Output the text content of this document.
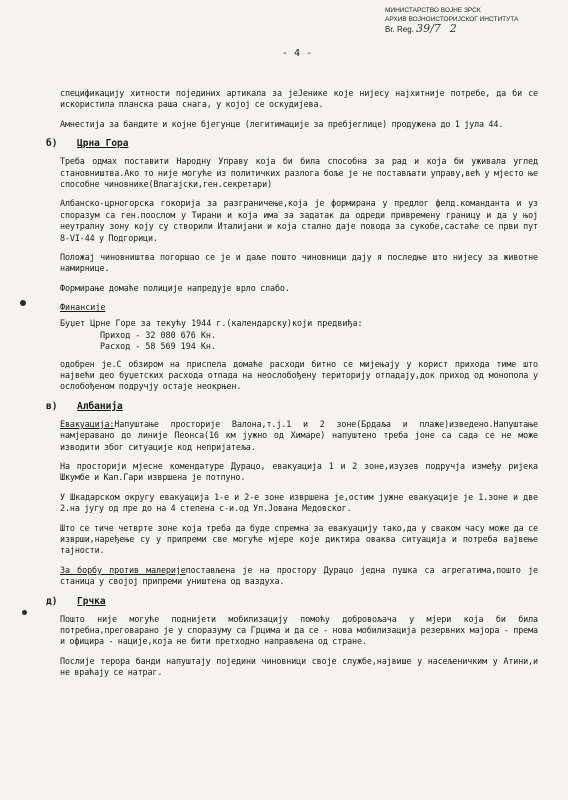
МИНИСТАРСТВО ВОЈНЕ ЗРСК
АРХИВ ВОЈНОИСТОРИЈСКОГ ИНСТИТУТА
Br. Reg. 39/7 2
- 4 -

спецификацију хитности појединих артикала за јеЈенике које нијесу најхитније потребе, да би се искористила планска раша снага, у којој се оскудијева.

Амнестија за бандите и којне бјегунце (легитимације за пребјеглице) продужена до 1 јула 44.

б) Црна Гора

Треба одмах поставити Народну Управу која би била способна за рад и која би уживала углед становништва.Ако то није могуће из политичких разлога боље је не постављати управу,већ у мјесто ње способне чиновнике(Влагајски,ген.секретари)

Албанско-црногорска гокорија за разграничење,која је формирана у предлог фелд.команданта и уз споразум са ген.поослом у Тирани и која има за задатак да одреди привремену границу и да у њој неутралну зону коју су створили Италијани и која стално даје повода за сукобе,састаће се први пут 8-VI-44 у Подгорици.

Положај чиновништва погоршао се је и даље пошто чиновници дају я последње што нијесу за животне намирнице.

Формирање домаће полиције напредује врло слабо.

Финансије
Буџет Црне Горе за текућу 1944 г.(календарску)који предвиђа:
Приход - 32 080 676 Кн.
Расход - 58 569 194 Кн.

одобрен је.С обзиром на приспела домаће расходи битно се мијењају у корист прихода тиме што највећи део буџетских расхода отпада на неослобођену територију отпадају,док приход од монопола у ослобођеном подручју остаје неокрњен.

в) Албанија

Евакуација:Напуштање просторије Валона,т.ј.1 и 2 зоне(Брдаља и плаже)изведено.Напуштање намјеравано до линије Пеонса(16 км јужно од Химаре) напуштено треба јоне са сада се не може изводити због ситуације код непријатеља.

На просторији мјесне комендатуре Дурацо, евакуација 1 и 2 зоне,изузев подручја између ријека Шкумбе и Кап.Гари извршена је потпуно.

У Шкадарском округу евакуација 1-е и 2-е зоне извршена је,остим јужне евакуације је 1.зоне и две 2.на југу од пре до на 4 степена с-и.од Ул.Јована Медовског.

Што се тиче четврте зоне која треба да буде спремна за евакуацију тако,да у сваком часу може да се изврши,наређење су у припреми све могуће мјере које диктира оваква ситуација и потреба вајвење тајности.

За борбу против малеријепостављена је на простору Дурацо једна пушка са агрегатима,пошто је станица у својој припреми уништена од ваздуха.

д) Грчка

Пошто није могуће поднијети мобилизацију помоћу добровољача у мјери која би била потребна,преговарано је у споразуму са Грцима и да се - нова мобилизација резервних мајора - према и официра - нације,која не бити претходно направљена од стране.

Послије терора банди напуштају поједини чиновници своје службе,највише у насељеничким у Атини,и не враћају се натраг.
